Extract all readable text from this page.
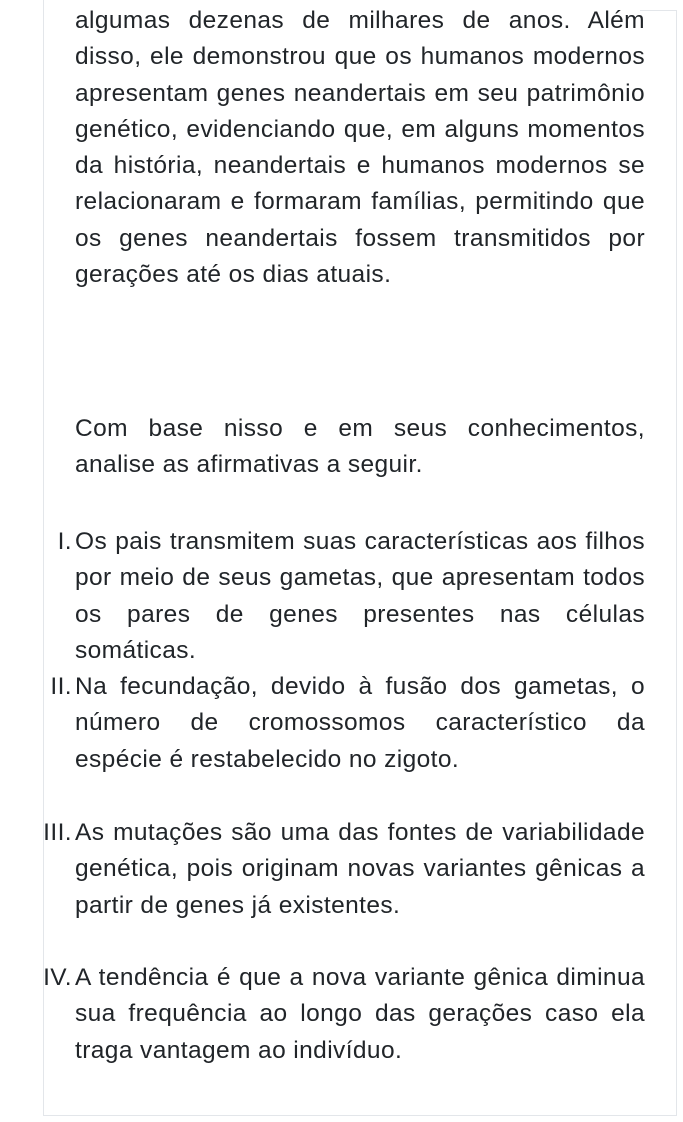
algumas dezenas de milhares de anos. Além disso, ele demonstrou que os humanos modernos apresentam genes neandertais em seu patrimônio genético, evidenciando que, em alguns momentos da história, neandertais e humanos modernos se relacionaram e formaram famílias, permitindo que os genes neandertais fossem transmitidos por gerações até os dias atuais.

Com base nisso e em seus conhecimentos, analise as afirmativas a seguir.

I. Os pais transmitem suas características aos filhos por meio de seus gametas, que apresentam todos os pares de genes presentes nas células somáticas.
II. Na fecundação, devido à fusão dos gametas, o número de cromossomos característico da espécie é restabelecido no zigoto.
III. As mutações são uma das fontes de variabilidade genética, pois originam novas variantes gênicas a partir de genes já existentes.
IV. A tendência é que a nova variante gênica diminua sua frequência ao longo das gerações caso ela traga vantagem ao indivíduo.
